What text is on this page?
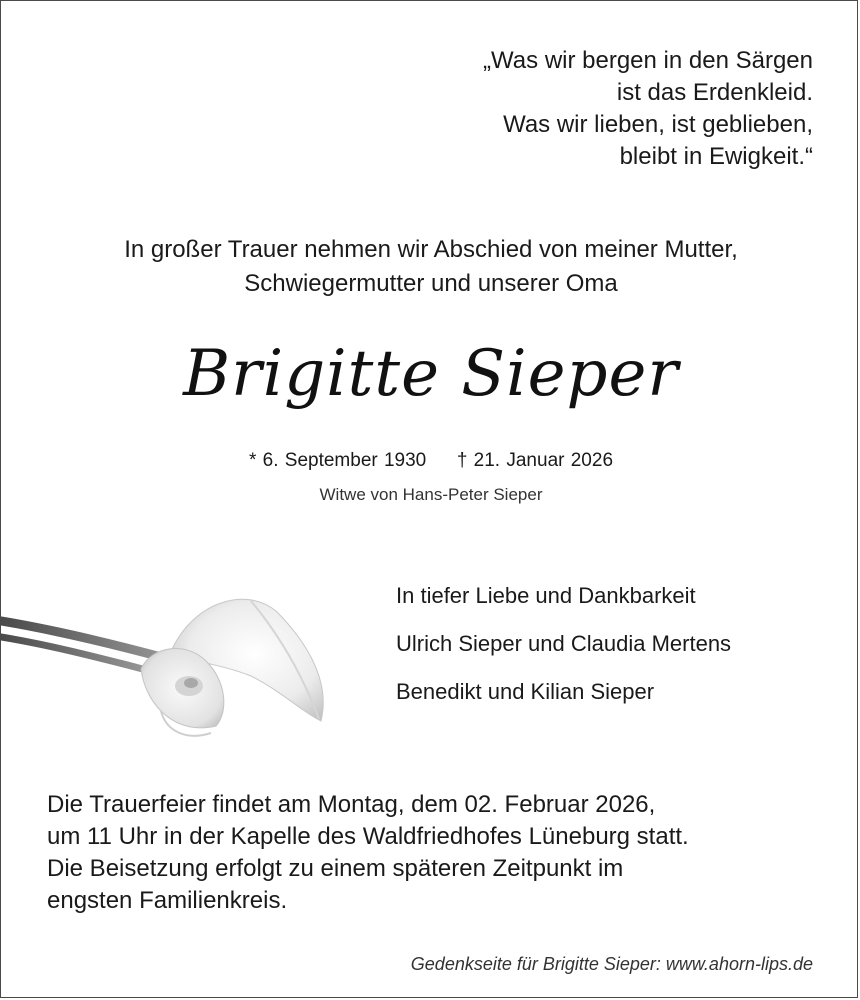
„Was wir bergen in den Särgen
ist das Erdenkleid.
Was wir lieben, ist geblieben,
bleibt in Ewigkeit.“
In großer Trauer nehmen wir Abschied von meiner Mutter,
Schwiegermutter und unserer Oma
Brigitte Sieper
* 6. September 1930 † 21. Januar 2026
Witwe von Hans-Peter Sieper
In tiefer Liebe und Dankbarkeit
Ulrich Sieper und Claudia Mertens
Benedikt und Kilian Sieper
Die Trauerfeier findet am Montag, dem 02. Februar 2026,
um 11 Uhr in der Kapelle des Waldfriedhofes Lüneburg statt.
Die Beisetzung erfolgt zu einem späteren Zeitpunkt im
engsten Familienkreis.
Gedenkseite für Brigitte Sieper: www.ahorn-lips.de
